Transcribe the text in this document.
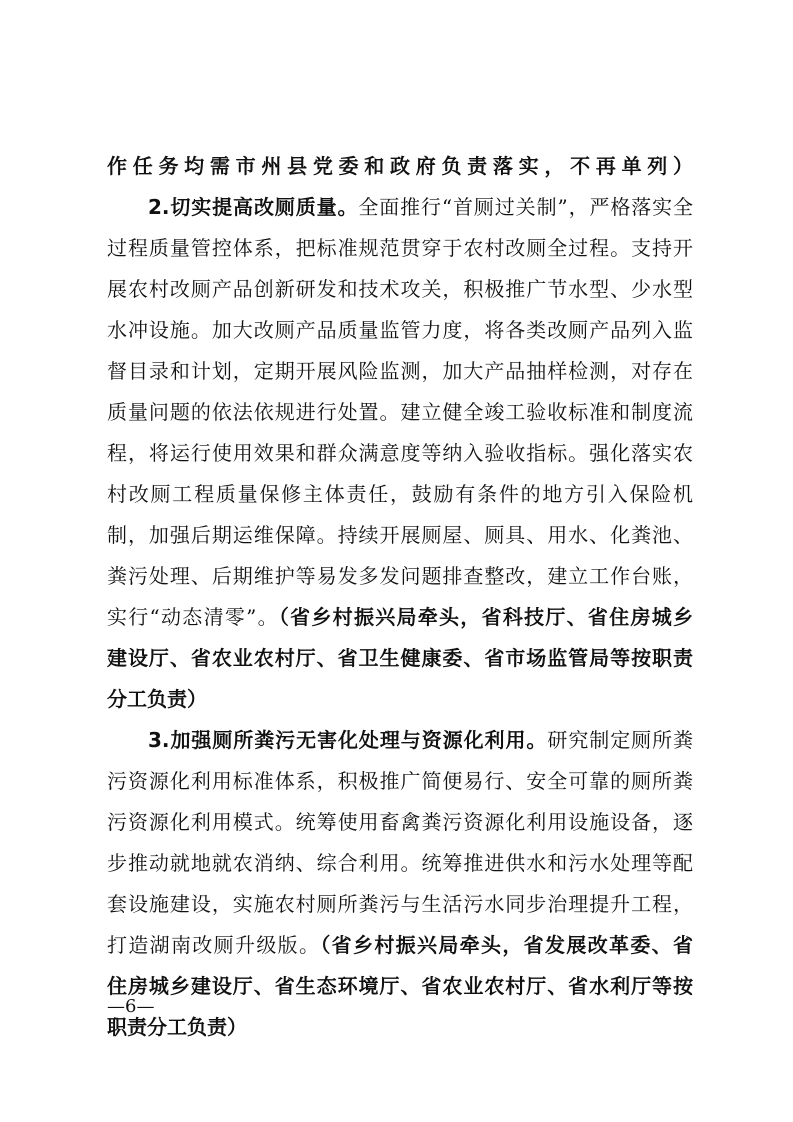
作任务均需市州县党委和政府负责落实，不再单列）
2.切实提高改厕质量。全面推行“首厕过关制”，严格落实全
过程质量管控体系，把标准规范贯穿于农村改厕全过程。支持开
展农村改厕产品创新研发和技术攻关，积极推广节水型、少水型
水冲设施。加大改厕产品质量监管力度，将各类改厕产品列入监
督目录和计划，定期开展风险监测，加大产品抽样检测，对存在
质量问题的依法依规进行处置。建立健全竣工验收标准和制度流
程，将运行使用效果和群众满意度等纳入验收指标。强化落实农
村改厕工程质量保修主体责任，鼓励有条件的地方引入保险机
制，加强后期运维保障。持续开展厕屋、厕具、用水、化粪池、
粪污处理、后期维护等易发多发问题排查整改，建立工作台账，
实行“动态清零”。（省乡村振兴局牵头，省科技厅、省住房城乡
建设厅、省农业农村厅、省卫生健康委、省市场监管局等按职责
分工负责）
3.加强厕所粪污无害化处理与资源化利用。研究制定厕所粪
污资源化利用标准体系，积极推广简便易行、安全可靠的厕所粪
污资源化利用模式。统筹使用畜禽粪污资源化利用设施设备，逐
步推动就地就农消纳、综合利用。统筹推进供水和污水处理等配
套设施建设，实施农村厕所粪污与生活污水同步治理提升工程，
打造湖南改厕升级版。（省乡村振兴局牵头，省发展改革委、省
住房城乡建设厅、省生态环境厅、省农业农村厅、省水利厅等按
职责分工负责）
—6—
